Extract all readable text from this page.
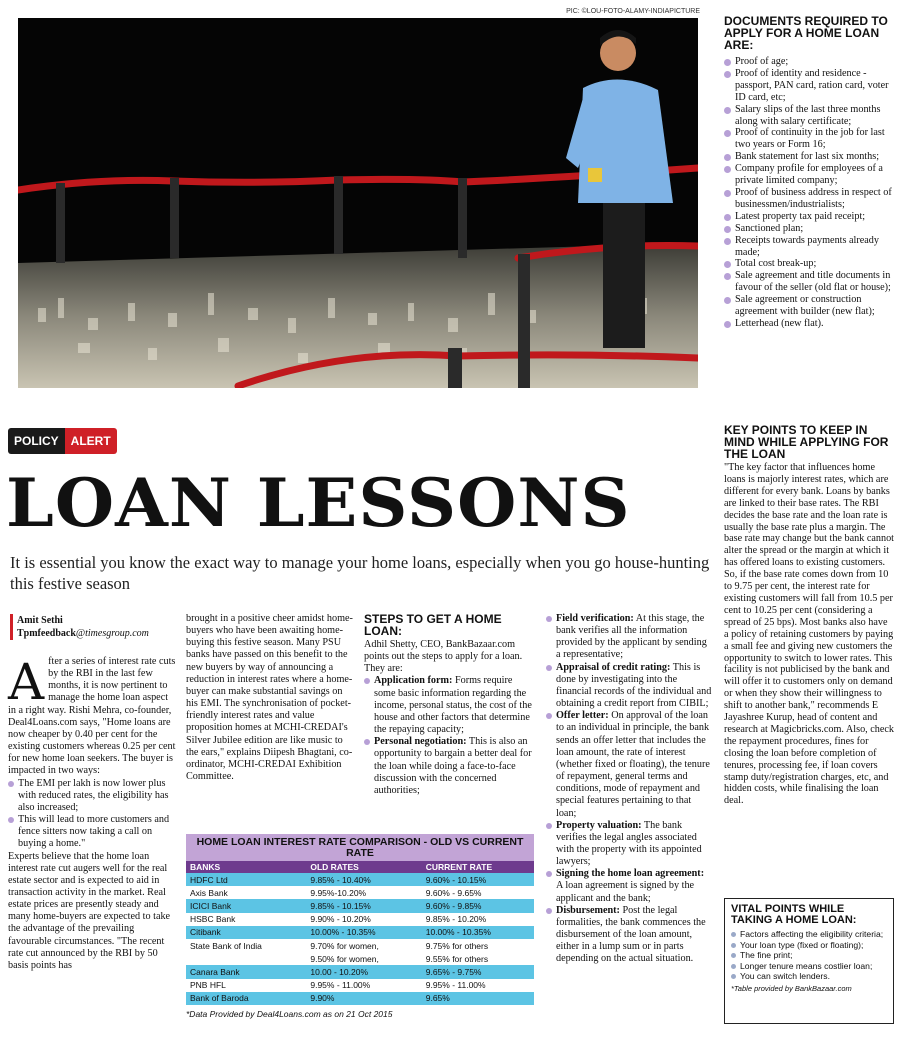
PIC: ©LOU-FOTO-ALAMY-INDIAPICTURE
DOCUMENTS REQUIRED TO APPLY FOR A HOME LOAN ARE:
Proof of age;
Proof of identity and residence - passport, PAN card, ration card, voter ID card, etc;
Salary slips of the last three months along with salary certificate;
Proof of continuity in the job for last two years or Form 16;
Bank statement for last six months;
Company profile for employees of a private limited company;
Proof of business address in respect of businessmen/industrialists;
Latest property tax paid receipt;
Sanctioned plan;
Receipts towards payments already made;
Total cost break-up;
Sale agreement and title documents in favour of the seller (old flat or house);
Sale agreement or construction agreement with builder (new flat);
Letterhead (new flat).
KEY POINTS TO KEEP IN MIND WHILE APPLYING FOR THE LOAN
"The key factor that influences home loans is majorly interest rates, which are different for every bank. Loans by banks are linked to their base rates. The RBI decides the base rate and the loan rate is usually the base rate plus a margin. The base rate may change but the bank cannot alter the spread or the margin at which it has offered loans to existing customers. So, if the base rate comes down from 10 to 9.75 per cent, the interest rate for existing customers will fall from 10.5 per cent to 10.25 per cent (considering a spread of 25 bps). Most banks also have a policy of retaining customers by paying a small fee and giving new customers the opportunity to switch to lower rates. This facility is not publicised by the bank and will offer it to customers only on demand or when they show their willingness to shift to another bank," recommends E Jayashree Kurup, head of content and research at Magicbricks.com. Also, check the repayment procedures, fines for closing the loan before completion of tenures, processing fee, if loan covers stamp duty/registration charges, etc, and hidden costs, while finalising the loan deal.
VITAL POINTS WHILE TAKING A HOME LOAN:
Factors affecting the eligibility criteria;
Your loan type (fixed or floating);
The fine print;
Longer tenure means costlier loan;
You can switch lenders.
*Table provided by BankBazaar.com
POLICY	ALERT
LOAN LESSONS
It is essential you know the exact way to manage your home loans, especially when you go house-hunting this festive season
Amit Sethi
Tpmfeedback@timesgroup.com
A fter a series of interest rate cuts by the RBI in the last few months, it is now pertinent to manage the home loan aspect in a right way. Rishi Mehra, co-founder, Deal4Loans.com says, "Home loans are now cheaper by 0.40 per cent for the existing customers whereas 0.25 per cent for new home loan seekers. The buyer is impacted in two ways:
The EMI per lakh is now lower plus with reduced rates, the eligibility has also increased;
This will lead to more customers and fence sitters now taking a call on buying a home."
Experts believe that the home loan interest rate cut augers well for the real estate sector and is expected to aid in transaction activity in the market. Real estate prices are presently steady and many home-buyers are expected to take the advantage of the prevailing favourable circumstances. "The recent rate cut announced by the RBI by 50 basis points has
brought in a positive cheer amidst home-buyers who have been awaiting home-buying this festive season. Many PSU banks have passed on this benefit to the new buyers by way of announcing a reduction in interest rates where a home-buyer can make substantial savings on his EMI. The synchronisation of pocket-friendly interest rates and value proposition homes at MCHI-CREDAI's Silver Jubilee edition are like music to the ears," explains Diipesh Bhagtani, co-ordinator, MCHI-CREDAI Exhibition Committee.
STEPS TO GET A HOME LOAN:
Adhil Shetty, CEO, BankBazaar.com points out the steps to apply for a loan. They are:
Application form: Forms require some basic information regarding the income, personal status, the cost of the house and other factors that determine the repaying capacity;
Personal negotiation: This is also an opportunity to bargain a better deal for the loan while doing a face-to-face discussion with the concerned authorities;
Field verification: At this stage, the bank verifies all the information provided by the applicant by sending a representative;
Appraisal of credit rating: This is done by investigating into the financial records of the individual and obtaining a credit report from CIBIL;
Offer letter: On approval of the loan to an individual in principle, the bank sends an offer letter that includes the loan amount, the rate of interest (whether fixed or floating), the tenure of repayment, general terms and conditions, mode of repayment and special features pertaining to that loan;
Property valuation: The bank verifies the legal angles associated with the property with its appointed lawyers;
Signing the home loan agreement: A loan agreement is signed by the applicant and the bank;
Disbursement: Post the legal formalities, the bank commences the disbursement of the loan amount, either in a lump sum or in parts depending on the actual situation.
HOME LOAN INTEREST RATE COMPARISON - OLD VS CURRENT RATE
BANKS	OLD RATES	CURRENT RATE
HDFC Ltd	9.85% - 10.40%	9.60% - 10.15%
Axis Bank	9.95%-10.20%	9.60% - 9.65%
ICICI Bank	9.85% - 10.15%	9.60% - 9.85%
HSBC Bank	9.90% - 10.20%	9.85% - 10.20%
Citibank	10.00% - 10.35%	10.00% - 10.35%
State Bank of India	9.70% for women,	9.75% for others
	9.50% for women,	9.55% for others
Canara Bank	10.00 - 10.20%	9.65% - 9.75%
PNB HFL	9.95% - 11.00%	9.95% - 11.00%
Bank of Baroda	9.90%	9.65%
*Data Provided by Deal4Loans.com as on 21 Oct 2015
